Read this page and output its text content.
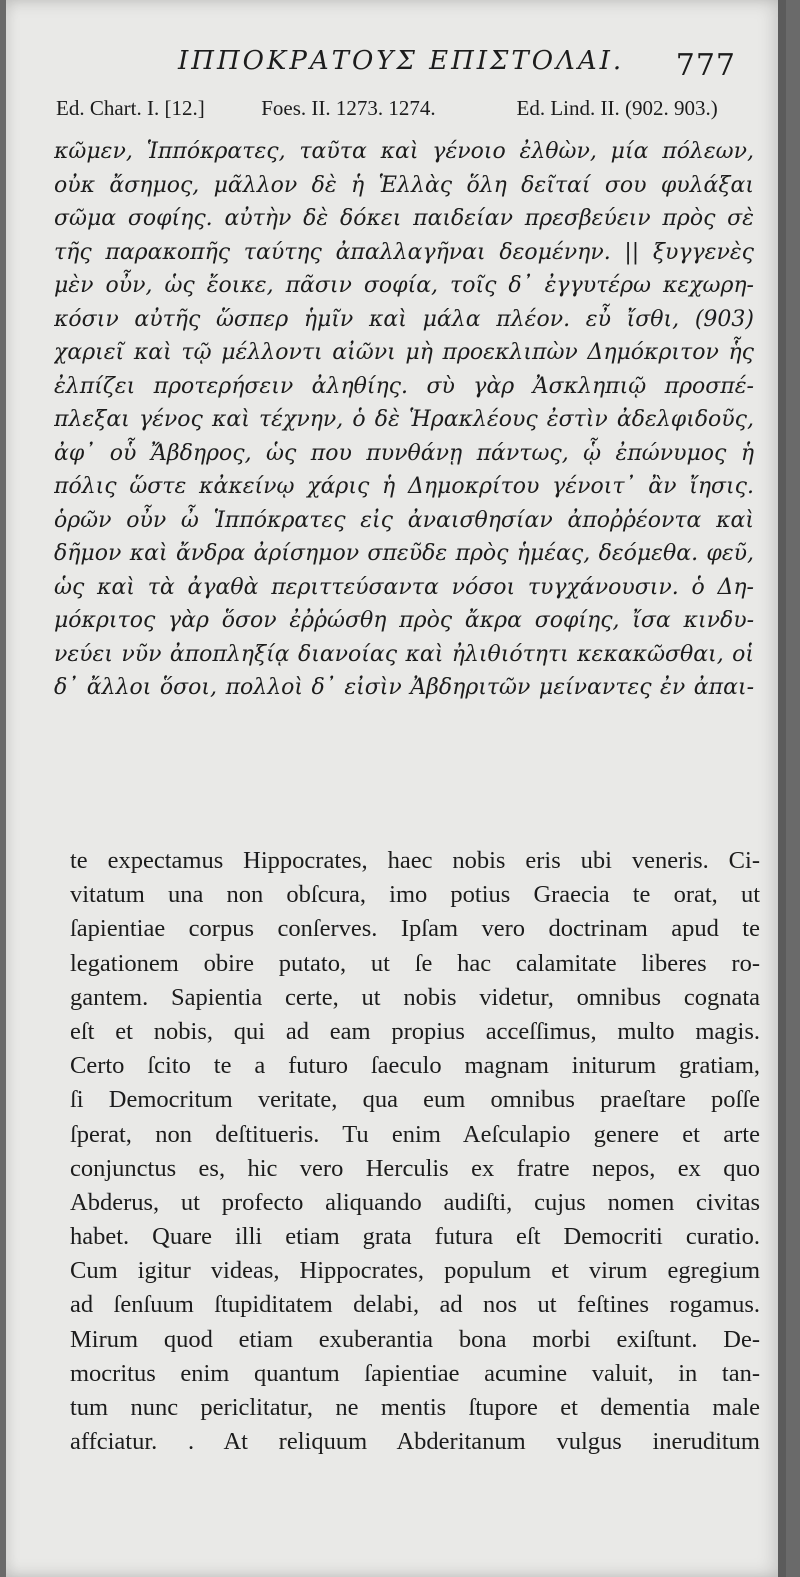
ΙΠΠΟΚΡΑΤΟΥΣ ΕΠΙΣΤΟΛΑΙ. 777
Ed. Chart. I. [12.]	Foes. II. 1273. 1274.	Ed. Lind. II. (902. 903.)
κῶμεν, Ἱππόκρατες, ταῦτα καὶ γένοιο ἐλθὼν, μία πόλεων,
οὐκ ἄσημος, μᾶλλον δὲ ἡ Ἑλλὰς ὅλη δεῖταί σου φυλάξαι
σῶμα σοφίης. αὐτὴν δὲ δόκει παιδείαν πρεσβεύειν πρὸς σὲ
τῆς παρακοπῆς ταύτης ἀπαλλαγῆναι δεομένην. || ξυγγενὲς
μὲν οὖν, ὡς ἔοικε, πᾶσιν σοφία, τοῖς δ᾽ ἐγγυτέρω κεχωρη-
κόσιν αὐτῆς ὥσπερ ἡμῖν καὶ μάλα πλέον. εὖ ἴσθι, (903)
χαριεῖ καὶ τῷ μέλλοντι αἰῶνι μὴ προεκλιπὼν Δημόκριτον ἧς
ἐλπίζει προτερήσειν ἀληθίης. σὺ γὰρ Ἀσκληπιῷ προσπέ-
πλεξαι γένος καὶ τέχνην, ὁ δὲ Ἡρακλέους ἐστὶν ἀδελφιδοῦς,
ἀφ᾽ οὗ Ἄβδηρος, ὡς που πυνθάνῃ πάντως, ᾧ ἐπώνυμος ἡ
πόλις ὥστε κἀκείνῳ χάρις ἡ Δημοκρίτου γένοιτ᾽ ἂν ἴησις.
ὁρῶν οὖν ὦ Ἱππόκρατες εἰς ἀναισθησίαν ἀποῤῥέοντα καὶ
δῆμον καὶ ἄνδρα ἀρίσημον σπεῦδε πρὸς ἡμέας, δεόμεθα. φεῦ,
ὡς καὶ τὰ ἀγαθὰ περιττεύσαντα νόσοι τυγχάνουσιν. ὁ Δη-
μόκριτος γὰρ ὅσον ἐῤῥώσθη πρὸς ἄκρα σοφίης, ἴσα κινδυ-
νεύει νῦν ἀποπληξίᾳ διανοίας καὶ ἠλιθιότητι κεκακῶσθαι, οἱ
δ᾽ ἄλλοι ὅσοι, πολλοὶ δ᾽ εἰσὶν Ἀβδηριτῶν μείναντες ἐν ἀπαι-
te expectamus Hippocrates, haec nobis eris ubi veneris. Ci-
vitatum una non obſcura, imo potius Graecia te orat, ut
ſapientiae corpus conſerves. Ipſam vero doctrinam apud te
legationem obire putato, ut ſe hac calamitate liberes ro-
gantem. Sapientia certe, ut nobis videtur, omnibus cognata
eſt et nobis, qui ad eam propius acceſſimus, multo magis.
Certo ſcito te a futuro ſaeculo magnam initurum gratiam,
ſi Democritum veritate, qua eum omnibus praeſtare poſſe
ſperat, non deſtitueris. Tu enim Aeſculapio genere et arte
conjunctus es, hic vero Herculis ex fratre nepos, ex quo
Abderus, ut profecto aliquando audiſti, cujus nomen civitas
habet. Quare illi etiam grata futura eſt Democriti curatio.
Cum igitur videas, Hippocrates, populum et virum egregium
ad ſenſuum ſtupiditatem delabi, ad nos ut feſtines rogamus.
Mirum quod etiam exuberantia bona morbi exiſtunt. De-
mocritus enim quantum ſapientiae acumine valuit, in tan-
tum nunc periclitatur, ne mentis ſtupore et dementia male
affciatur. . At reliquum Abderitanum vulgus ineruditum
